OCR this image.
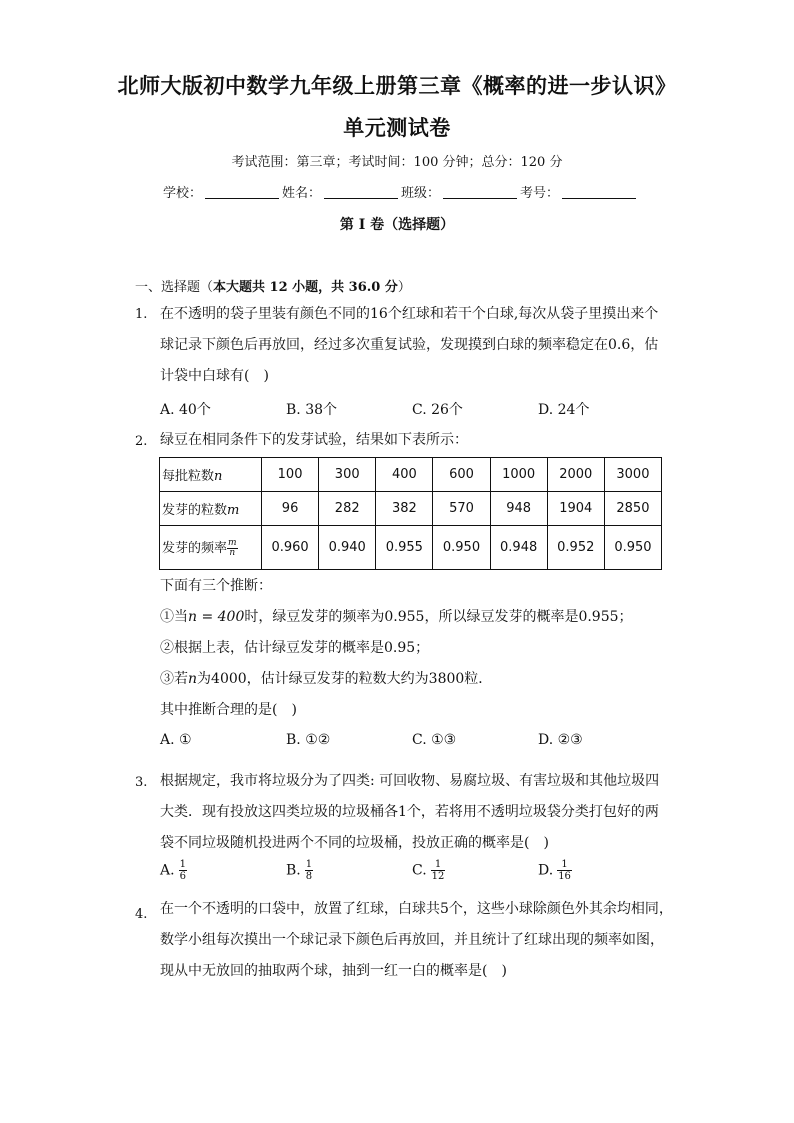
北师大版初中数学九年级上册第三章《概率的进一步认识》
单元测试卷
考试范围：第三章；考试时间：100 分钟；总分：120 分
学校：	姓名：	班级：	考号：
第 I 卷（选择题）
一、选择题（本大题共 12 小题，共 36.0 分）
1. 在不透明的袋子里装有颜色不同的16个红球和若干个白球,每次从袋子里摸出来个
球记录下颜色后再放回，经过多次重复试验，发现摸到白球的频率稳定在0.6，估
计袋中白球有(　)
A. 40个	B. 38个	C. 26个	D. 24个
2. 绿豆在相同条件下的发芽试验，结果如下表所示：
每批粒数n	100	300	400	600	1000	2000	3000
发芽的粒数m	96	282	382	570	948	1904	2850
发芽的频率 $\frac{m}{n}$	0.960	0.940	0.955	0.950	0.948	0.952	0.950
下面有三个推断：
①当n = 400时，绿豆发芽的频率为0.955，所以绿豆发芽的概率是0.955；
②根据上表，估计绿豆发芽的概率是0.95；
③若n为4000，估计绿豆发芽的粒数大约为3800粒．
其中推断合理的是(　)
A. ①	B. ①②	C. ①③	D. ②③
3. 根据规定，我市将垃圾分为了四类: 可回收物、易腐垃圾、有害垃圾和其他垃圾四
大类．现有投放这四类垃圾的垃圾桶各1个，若将用不透明垃圾袋分类打包好的两
袋不同垃圾随机投进两个不同的垃圾桶，投放正确的概率是(　)
A. $\frac{1}{6}$	B. $\frac{1}{8}$	C. $\frac{1}{12}$	D. $\frac{1}{16}$
4. 在一个不透明的口袋中，放置了红球，白球共5个，这些小球除颜色外其余均相同，
数学小组每次摸出一个球记录下颜色后再放回，并且统计了红球出现的频率如图，
现从中无放回的抽取两个球，抽到一红一白的概率是(　)
